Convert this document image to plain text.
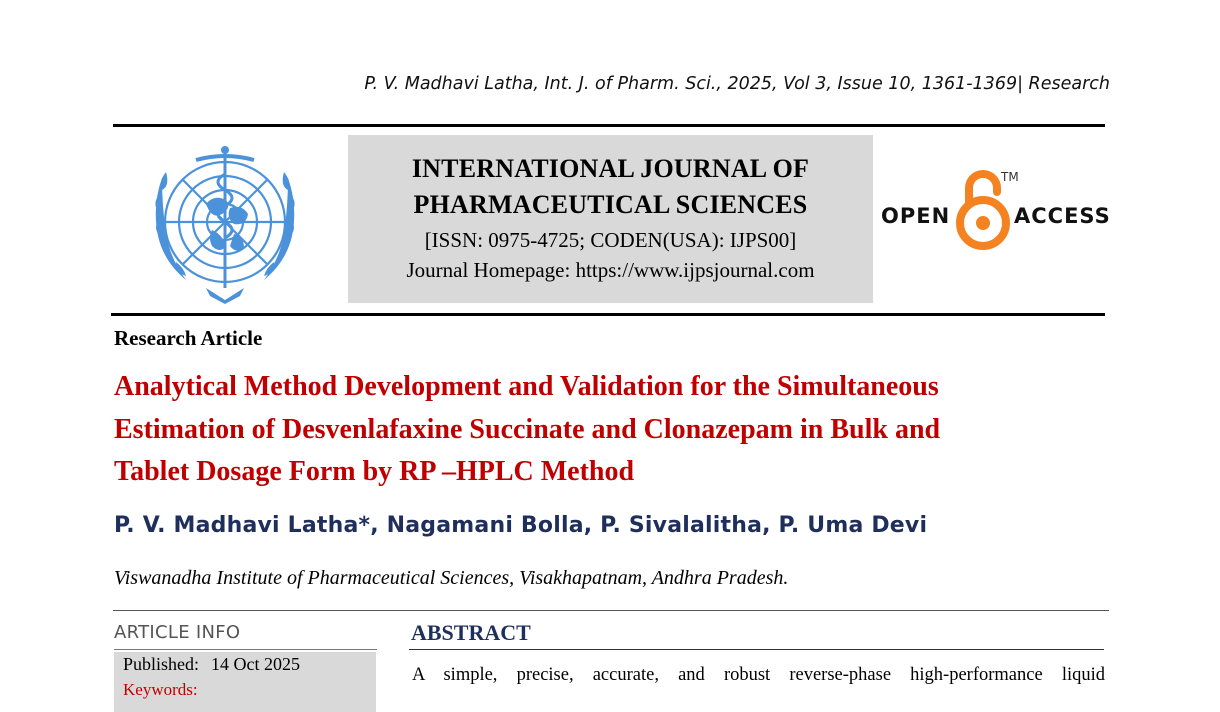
P. V. Madhavi Latha, Int. J. of Pharm. Sci., 2025, Vol 3, Issue 10, 1361-1369| Research
INTERNATIONAL JOURNAL OF
PHARMACEUTICAL SCIENCES
[ISSN: 0975-4725; CODEN(USA): IJPS00]
Journal Homepage: https://www.ijpsjournal.com
OPEN
TM
ACCESS
Research Article
Analytical Method Development and Validation for the Simultaneous
Estimation of Desvenlafaxine Succinate and Clonazepam in Bulk and
Tablet Dosage Form by RP –HPLC Method
P. V. Madhavi Latha*, Nagamani Bolla, P. Sivalalitha, P. Uma Devi
Viswanadha Institute of Pharmaceutical Sciences, Visakhapatnam, Andhra Pradesh.
ARTICLE INFO
Published: 14 Oct 2025
Keywords:
ABSTRACT
A simple, precise, accurate, and robust reverse-phase high-performance liquid
